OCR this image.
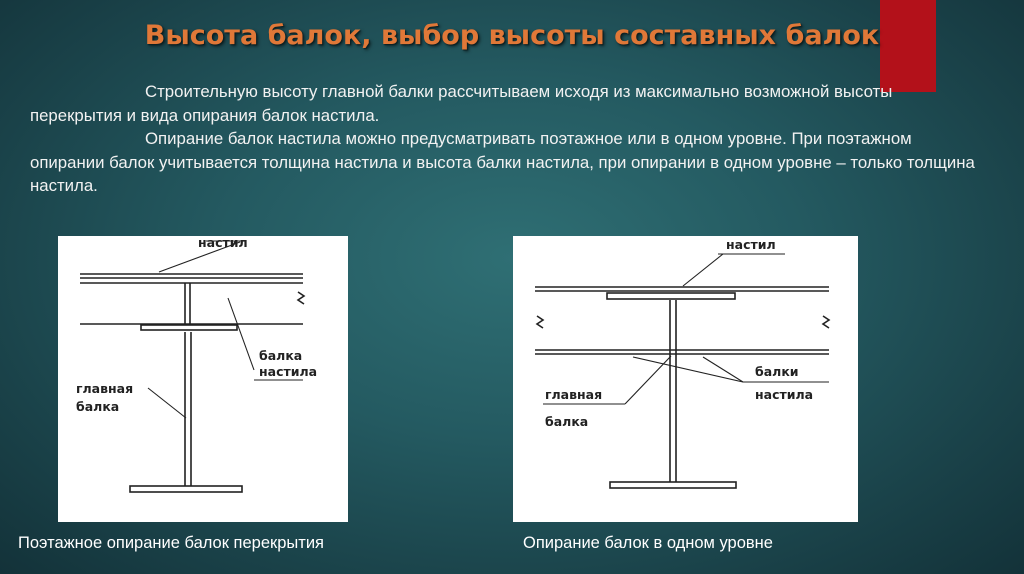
Высота балок, выбор высоты составных балок

Строительную высоту главной балки рассчитываем исходя из максимально возможной высоты перекрытия и вида опирания балок настила.

Опирание балок настила можно предусматривать поэтажное или в одном уровне. При поэтажном опирании балок учитывается толщина настила и высота балки настила, при опирании в одном уровне – только толщина настила.

настил
балка
настила
главная
балка
настил
балки
настила
главная
балка

Поэтажное опирание балок перекрытия	Опирание балок в одном уровне
